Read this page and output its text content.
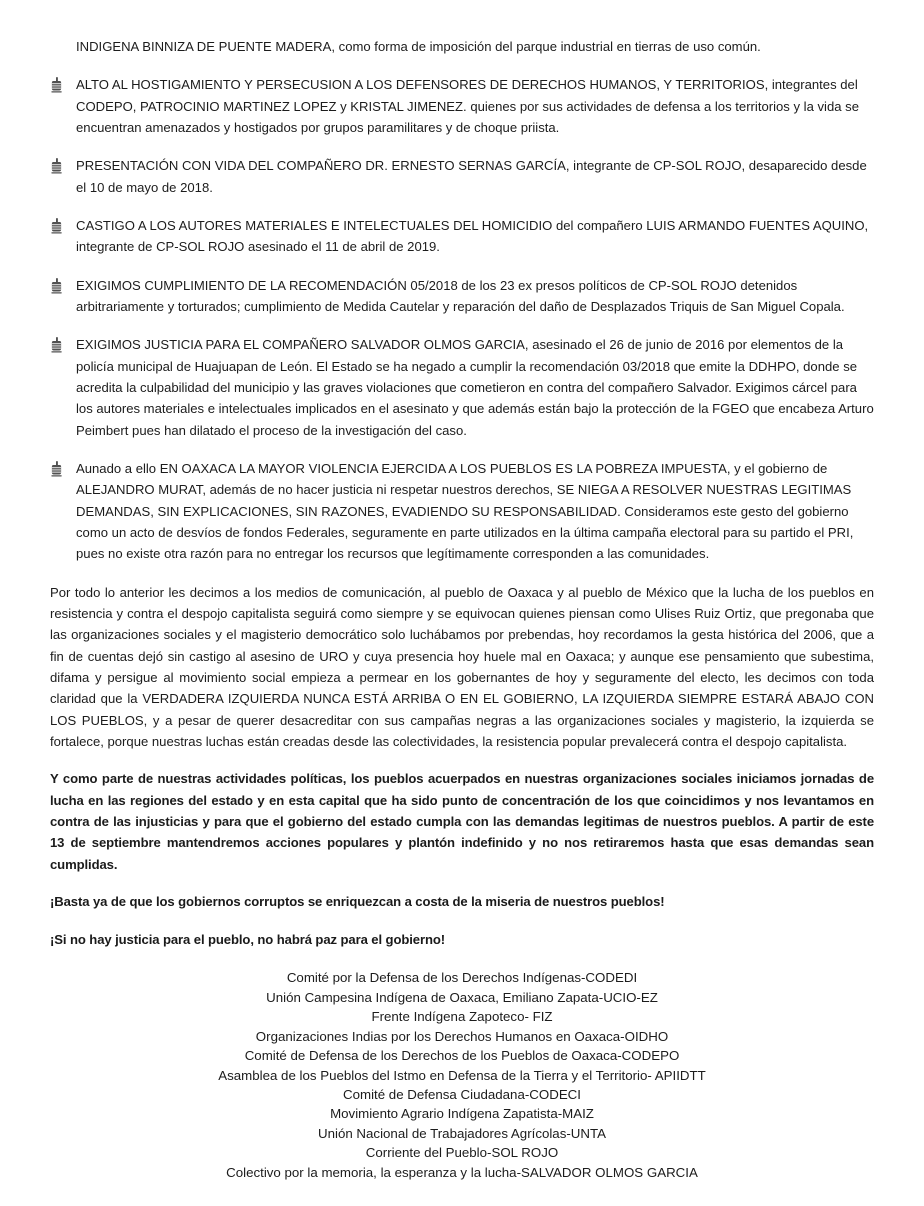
INDIGENA BINNIZA DE PUENTE MADERA, como forma de imposición del parque industrial en tierras de uso común.

ALTO AL HOSTIGAMIENTO Y PERSECUSION A LOS DEFENSORES DE DERECHOS HUMANOS, Y TERRITORIOS, integrantes del CODEPO, PATROCINIO MARTINEZ LOPEZ y KRISTAL JIMENEZ. quienes por sus actividades de defensa a los territorios y la vida se encuentran amenazados y hostigados por grupos paramilitares y de choque priista.
PRESENTACIÓN CON VIDA DEL COMPAÑERO DR. ERNESTO SERNAS GARCÍA, integrante de CP-SOL ROJO, desaparecido desde el 10 de mayo de 2018.
CASTIGO A LOS AUTORES MATERIALES E INTELECTUALES DEL HOMICIDIO del compañero LUIS ARMANDO FUENTES AQUINO, integrante de CP-SOL ROJO asesinado el 11 de abril de 2019.
EXIGIMOS CUMPLIMIENTO DE LA RECOMENDACIÓN 05/2018 de los 23 ex presos políticos de CP-SOL ROJO detenidos arbitrariamente y torturados; cumplimiento de Medida Cautelar y reparación del daño de Desplazados Triquis de San Miguel Copala.
EXIGIMOS JUSTICIA PARA EL COMPAÑERO SALVADOR OLMOS GARCIA, asesinado el 26 de junio de 2016 por elementos de la policía municipal de Huajuapan de León. El Estado se ha negado a cumplir la recomendación 03/2018 que emite la DDHPO, donde se acredita la culpabilidad del municipio y las graves violaciones que cometieron en contra del compañero Salvador. Exigimos cárcel para los autores materiales e intelectuales implicados en el asesinato y que además están bajo la protección de la FGEO que encabeza Arturo Peimbert pues han dilatado el proceso de la investigación del caso.
Aunado a ello EN OAXACA LA MAYOR VIOLENCIA EJERCIDA A LOS PUEBLOS ES LA POBREZA IMPUESTA, y el gobierno de ALEJANDRO MURAT, además de no hacer justicia ni respetar nuestros derechos, SE NIEGA A RESOLVER NUESTRAS LEGITIMAS DEMANDAS, SIN EXPLICACIONES, SIN RAZONES, EVADIENDO SU RESPONSABILIDAD. Consideramos este gesto del gobierno como un acto de desvíos de fondos Federales, seguramente en parte utilizados en la última campaña electoral para su partido el PRI, pues no existe otra razón para no entregar los recursos que legítimamente corresponden a las comunidades.

Por todo lo anterior les decimos a los medios de comunicación, al pueblo de Oaxaca y al pueblo de México que la lucha de los pueblos en resistencia y contra el despojo capitalista seguirá como siempre y se equivocan quienes piensan como Ulises Ruiz Ortiz, que pregonaba que las organizaciones sociales y el magisterio democrático solo luchábamos por prebendas, hoy recordamos la gesta histórica del 2006, que a fin de cuentas dejó sin castigo al asesino de URO y cuya presencia hoy huele mal en Oaxaca; y aunque ese pensamiento que subestima, difama y persigue al movimiento social empieza a permear en los gobernantes de hoy y seguramente del electo, les decimos con toda claridad que la VERDADERA IZQUIERDA NUNCA ESTÁ ARRIBA O EN EL GOBIERNO, LA IZQUIERDA SIEMPRE ESTARÁ ABAJO CON LOS PUEBLOS, y a pesar de querer desacreditar con sus campañas negras a las organizaciones sociales y magisterio, la izquierda se fortalece, porque nuestras luchas están creadas desde las colectividades, la resistencia popular prevalecerá contra el despojo capitalista.

Y como parte de nuestras actividades políticas, los pueblos acuerpados en nuestras organizaciones sociales iniciamos jornadas de lucha en las regiones del estado y en esta capital que ha sido punto de concentración de los que coincidimos y nos levantamos en contra de las injusticias y para que el gobierno del estado cumpla con las demandas legitimas de nuestros pueblos. A partir de este 13 de septiembre mantendremos acciones populares y plantón indefinido y no nos retiraremos hasta que esas demandas sean cumplidas.

¡Basta ya de que los gobiernos corruptos se enriquezcan a costa de la miseria de nuestros pueblos!

¡Si no hay justicia para el pueblo, no habrá paz para el gobierno!

Comité por la Defensa de los Derechos Indígenas-CODEDI
Unión Campesina Indígena de Oaxaca, Emiliano Zapata-UCIO-EZ
Frente Indígena Zapoteco- FIZ
Organizaciones Indias por los Derechos Humanos en Oaxaca-OIDHO
Comité de Defensa de los Derechos de los Pueblos de Oaxaca-CODEPO
Asamblea de los Pueblos del Istmo en Defensa de la Tierra y el Territorio- APIIDTT
Comité de Defensa Ciudadana-CODECI
Movimiento Agrario Indígena Zapatista-MAIZ
Unión Nacional de Trabajadores Agrícolas-UNTA
Corriente del Pueblo-SOL ROJO
Colectivo por la memoria, la esperanza y la lucha-SALVADOR OLMOS GARCIA
